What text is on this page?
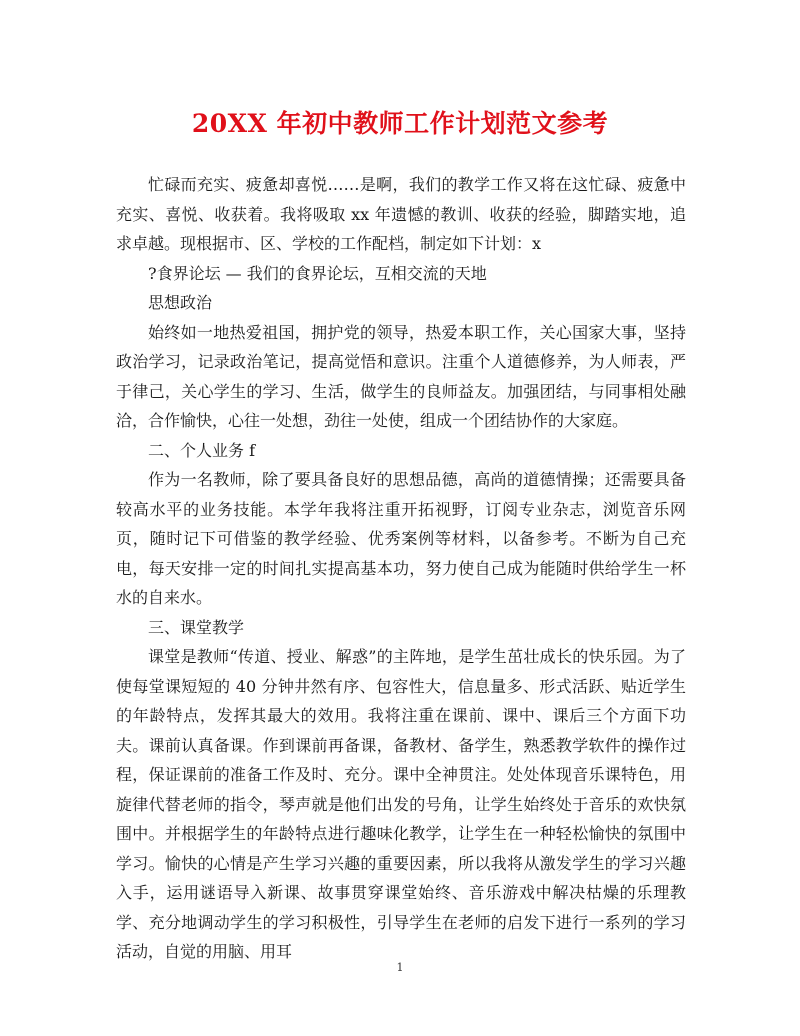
20XX 年初中教师工作计划范文参考

忙碌而充实、疲惫却喜悦……是啊，我们的教学工作又将在这忙碌、疲惫中充实、喜悦、收获着。我将吸取 xx 年遗憾的教训、收获的经验，脚踏实地，追求卓越。现根据市、区、学校的工作配档，制定如下计划：x

?食界论坛 — 我们的食界论坛，互相交流的天地

思想政治

始终如一地热爱祖国，拥护党的领导，热爱本职工作，关心国家大事，坚持政治学习，记录政治笔记，提高觉悟和意识。注重个人道德修养，为人师表，严于律己，关心学生的学习、生活，做学生的良师益友。加强团结，与同事相处融洽，合作愉快，心往一处想，劲往一处使，组成一个团结协作的大家庭。

二、个人业务 f

作为一名教师，除了要具备良好的思想品德，高尚的道德情操；还需要具备较高水平的业务技能。本学年我将注重开拓视野，订阅专业杂志，浏览音乐网页，随时记下可借鉴的教学经验、优秀案例等材料，以备参考。不断为自己充电，每天安排一定的时间扎实提高基本功，努力使自己成为能随时供给学生一杯水的自来水。

三、课堂教学

课堂是教师“传道、授业、解惑”的主阵地，是学生茁壮成长的快乐园。为了使每堂课短短的 40 分钟井然有序、包容性大，信息量多、形式活跃、贴近学生的年龄特点，发挥其最大的效用。我将注重在课前、课中、课后三个方面下功夫。课前认真备课。作到课前再备课，备教材、备学生，熟悉教学软件的操作过程，保证课前的准备工作及时、充分。课中全神贯注。处处体现音乐课特色，用旋律代替老师的指令，琴声就是他们出发的号角，让学生始终处于音乐的欢快氛围中。并根据学生的年龄特点进行趣味化教学，让学生在一种轻松愉快的氛围中学习。愉快的心情是产生学习兴趣的重要因素，所以我将从激发学生的学习兴趣入手，运用谜语导入新课、故事贯穿课堂始终、音乐游戏中解决枯燥的乐理教学、充分地调动学生的学习积极性，引导学生在老师的启发下进行一系列的学习活动，自觉的用脑、用耳

1
